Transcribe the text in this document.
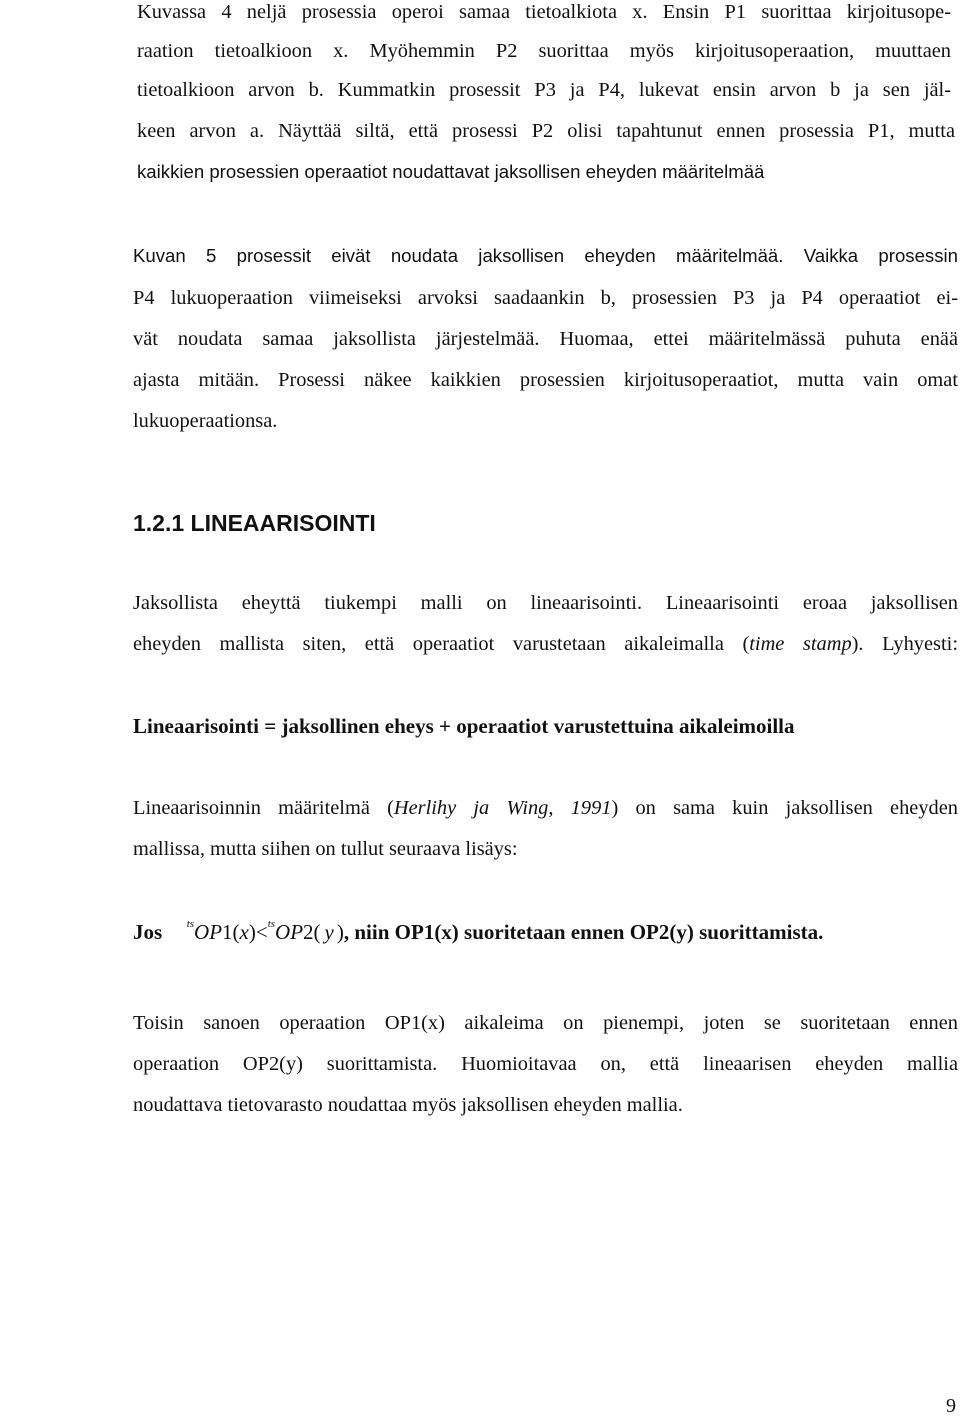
Kuvassa 4 neljä prosessia operoi samaa tietoalkiota x. Ensin P1 suorittaa kirjoitusope-
raation tietoalkioon x. Myöhemmin P2 suorittaa myös kirjoitusoperaation, muuttaen
tietoalkioon arvon b. Kummatkin prosessit P3 ja P4, lukevat ensin arvon b ja sen jäl-
keen arvon a. Näyttää siltä, että prosessi P2 olisi tapahtunut ennen prosessia P1, mutta
kaikkien prosessien operaatiot noudattavat jaksollisen eheyden määritelmää
Kuvan 5 prosessit eivät noudata jaksollisen eheyden määritelmää. Vaikka prosessin
P4 lukuoperaation viimeiseksi arvoksi saadaankin b, prosessien P3 ja P4 operaatiot ei-
vät noudata samaa jaksollista järjestelmää. Huomaa, ettei määritelmässä puhuta enää
ajasta mitään. Prosessi näkee kaikkien prosessien kirjoitusoperaatiot, mutta vain omat
lukuoperaationsa.
1.2.1 LINEAARISOINTI
Jaksollista eheyttä tiukempi malli on lineaarisointi. Lineaarisointi eroaa jaksollisen
eheyden mallista siten, että operaatiot varustetaan aikaleimalla (time stamp). Lyhyesti:
Lineaarisointi = jaksollinen eheys + operaatiot varustettuina aikaleimoilla
Lineaarisoinnin määritelmä (Herlihy ja Wing, 1991) on sama kuin jaksollisen eheyden
mallissa, mutta siihen on tullut seuraava lisäys:
Jos $^{ts}$OP1(x)<$^{ts}$OP2( y ), niin OP1(x) suoritetaan ennen OP2(y) suorittamista.
Toisin sanoen operaation OP1(x) aikaleima on pienempi, joten se suoritetaan ennen
operaation OP2(y) suorittamista. Huomioitavaa on, että lineaarisen eheyden mallia
noudattava tietovarasto noudattaa myös jaksollisen eheyden mallia.
9
